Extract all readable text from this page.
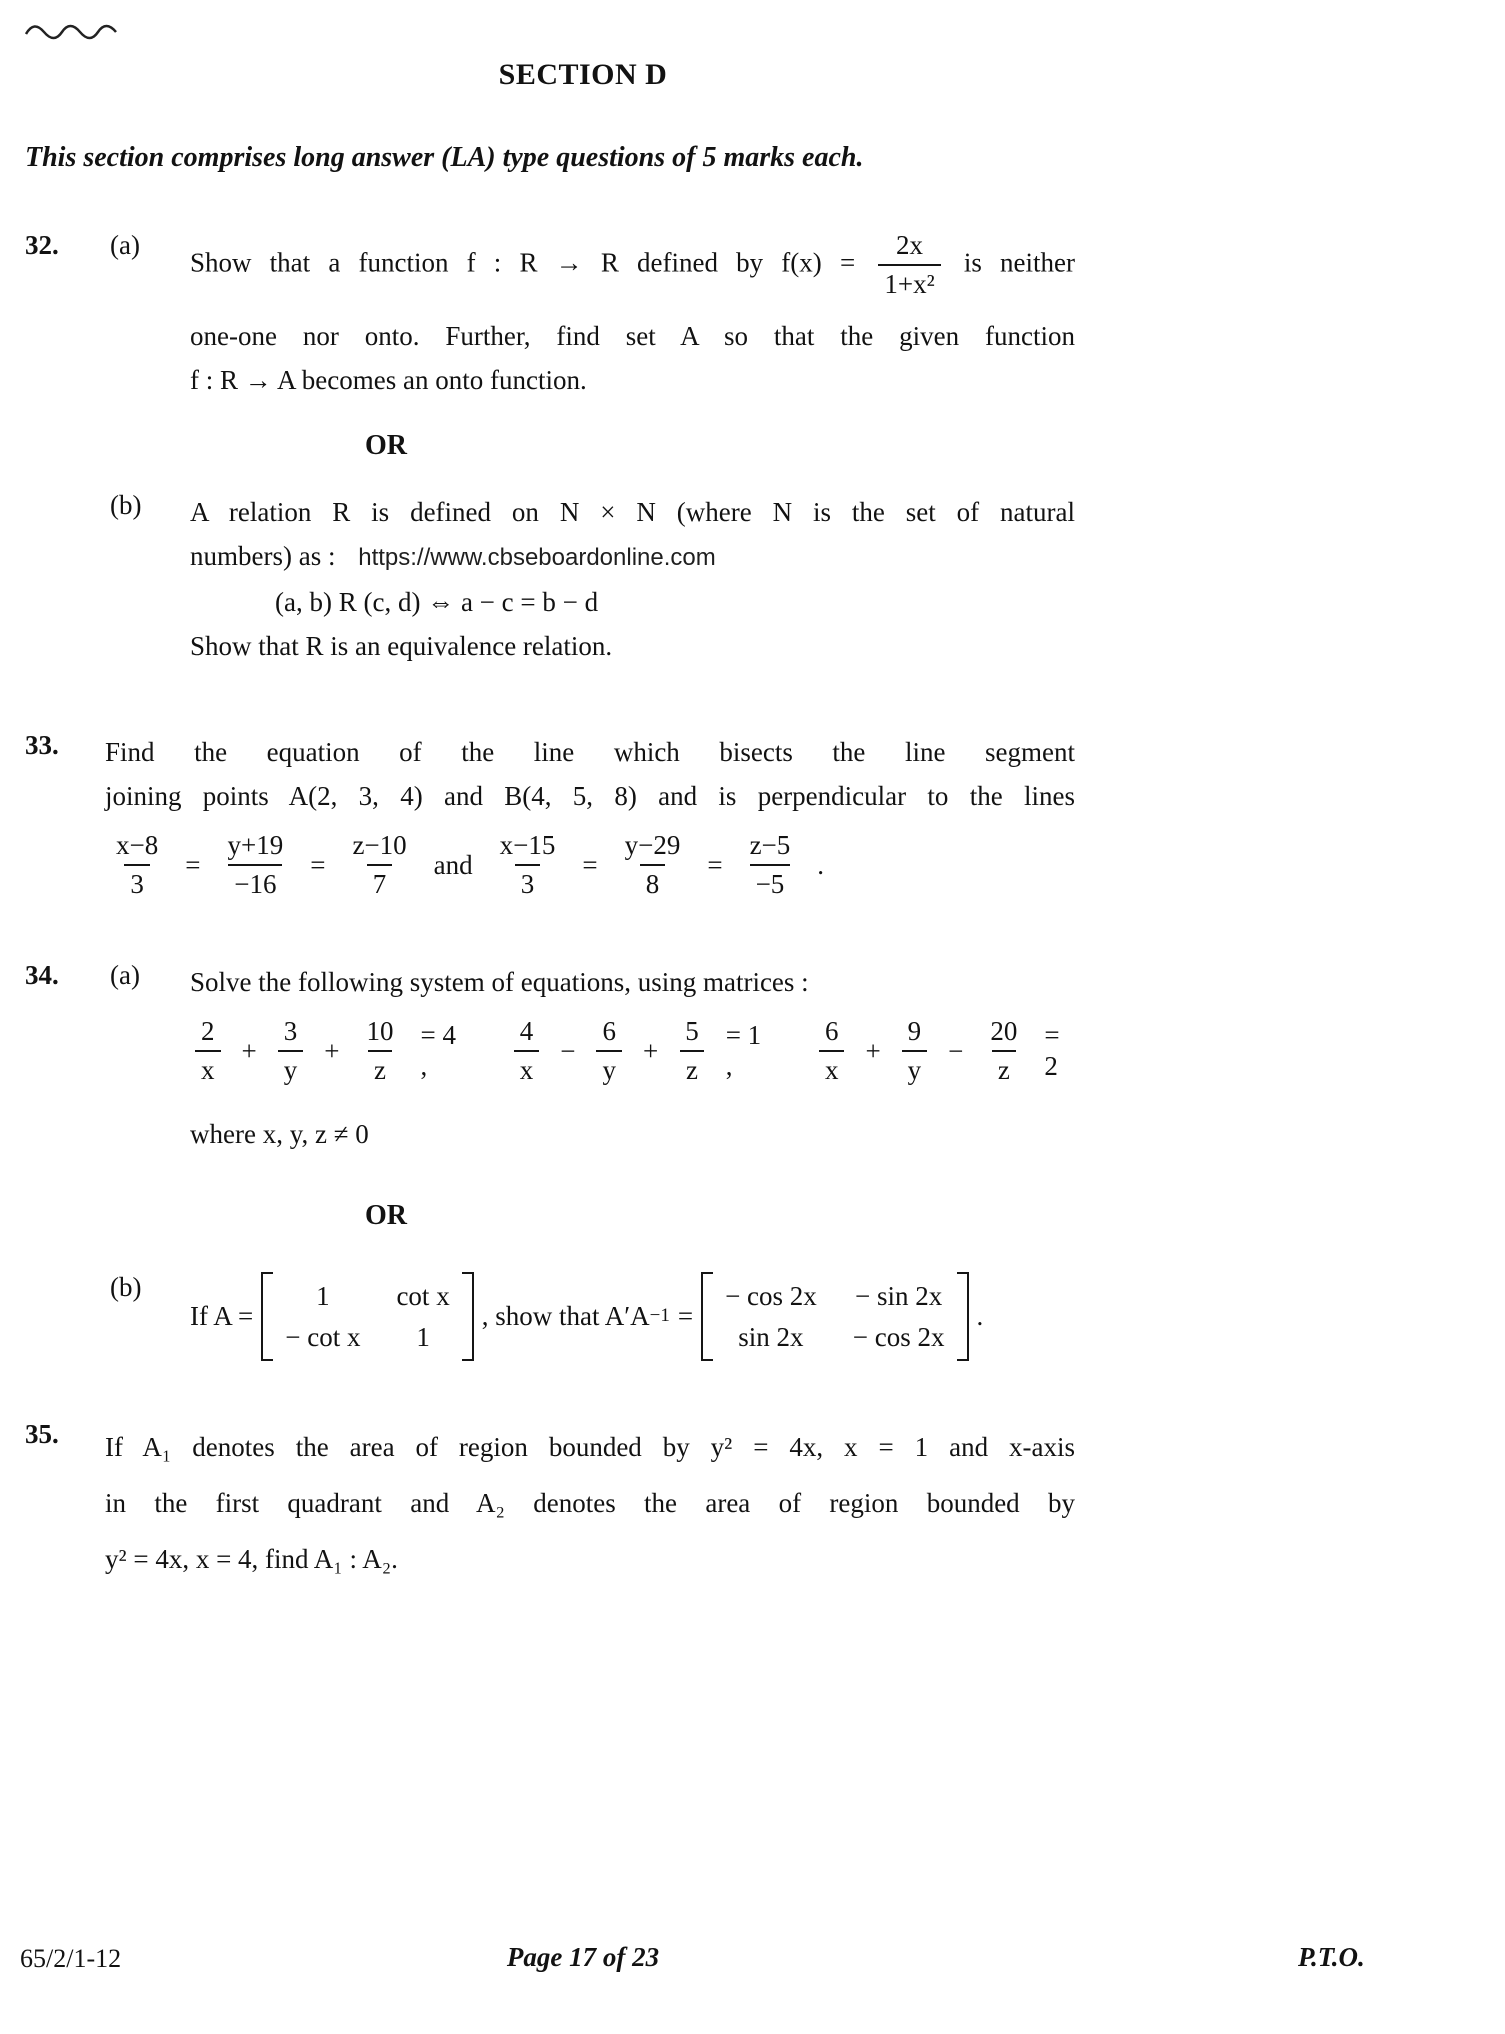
SECTION D
This section comprises long answer (LA) type questions of 5 marks each.
32.	(a)
Show that a function f : R → R defined by $f(x) = \frac{2x}{\text{1+x²}}$ is neither
one-one nor onto. Further, find set A so that the given function
f : R → A becomes an onto function.
OR
(b)	A relation R is defined on N × N (where N is the set of natural
numbers) as : https://www.cbseboardonline.com
(a, b) R (c, d) ⇔ a − c = b − d
Show that R is an equivalence relation.
33.	Find the equation of the line which bisects the line segment
joining points A(2, 3, 4) and B(4, 5, 8) and is perpendicular to the lines
$\frac{x-8}{3} = \frac{y+19}{-16} = \frac{z-10}{7}$ and $\frac{x-15}{3} = \frac{y-29}{8} = \frac{z-5}{-5}$ .
34.	(a)	Solve the following system of equations, using matrices :
$\frac{2}{x} + \frac{3}{y} + \frac{10}{z} = 4$ ,	$\frac{4}{x} - \frac{6}{y} + \frac{5}{z} = 1$ ,	$\frac{6}{x} + \frac{9}{y} - \frac{20}{z} = 2$
where x, y, z ≠ 0
OR
(b)
If A =
1 cot x
− cot x 1
, show that A′A −1 =
− cos 2x − sin 2x
sin 2x − cos 2x
.
35.	If A₁ denotes the area of region bounded by y² = 4x, x = 1 and x-axis
in the first quadrant and A₂ denotes the area of region bounded by
y² = 4x, x = 4, find A₁ : A₂.
65/2/1-12	Page 17 of 23	P.T.O.
